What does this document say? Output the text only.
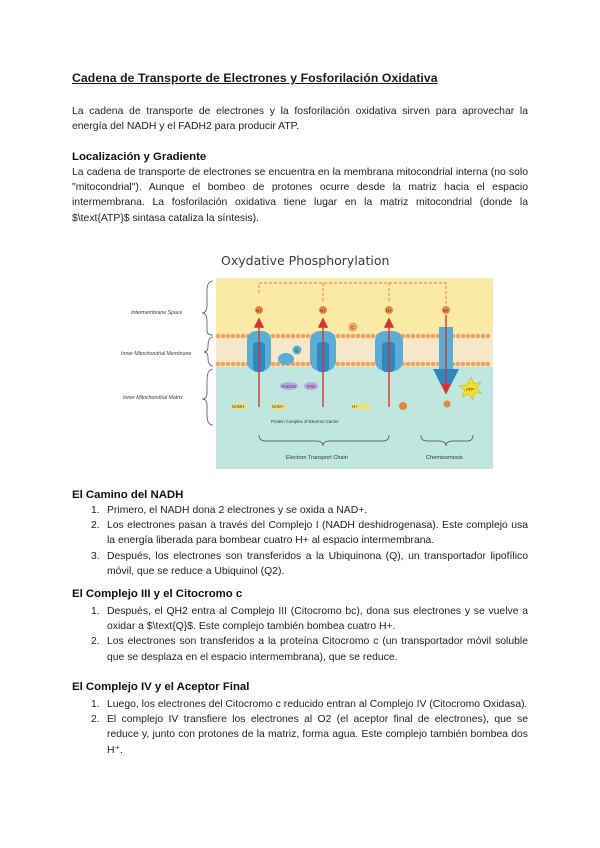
Cadena de Transporte de Electrones y Fosforilación Oxidativa

La cadena de transporte de electrones y la fosforilación oxidativa sirven para aprovechar la energía del NADH y el FADH2 para producir ATP.

Localización y Gradiente

La cadena de transporte de electrones se encuentra en la membrana mitocondrial interna (no solo "mitocondrial"). Aunque el bombeo de protones ocurre desde la matriz hacia el espacio intermembrana. La fosforilación oxidativa tiene lugar en la matriz mitocondrial (donde la $\text{ATP}$ sintasa cataliza la síntesis).

Oxydative Phosphorylation
Intermembrane Space
Inner Mitochondrial Membrane
Inner Mitochondrial Matrix
H+	H+	H+	H+
Q
C
NADH	NAD+
FADH2	FAD
H+
ATP
Protein Complex of Electron Carrier
Electron Transport Chain	Chemiosmosis
El Camino del NADH
1. Primero, el NADH dona 2 electrones y se oxida a NAD+.
2. Los electrones pasan a través del Complejo I (NADH deshidrogenasa). Este complejo usa la energía liberada para bombear cuatro H+ al espacio intermembrana.
3. Después, los electrones son transferidos a la Ubiquinona (Q), un transportador lipofílico móvil, que se reduce a Ubiquinol (Q2).
El Complejo III y el Citocromo c
1. Después, el QH2 entra al Complejo III (Citocromo bc), dona sus electrones y se vuelve a oxidar a $\text{Q}$. Este complejo también bombea cuatro H+.
2. Los electrones son transferidos a la proteína Citocromo c (un transportador móvil soluble que se desplaza en el espacio intermembrana), que se reduce.
El Complejo IV y el Aceptor Final
1. Luego, los electrones del Citocromo c reducido entran al Complejo IV (Citocromo Oxidasa).
2. El complejo IV transfiere los electrones al O2 (el aceptor final de electrones), que se reduce y, junto con protones de la matriz, forma agua. Este complejo también bombea dos H⁺.
